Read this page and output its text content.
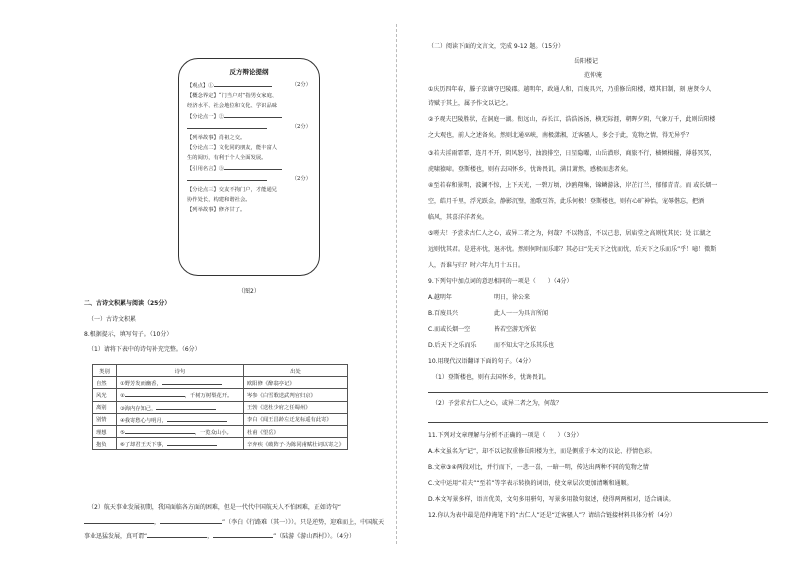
反方辩论提纲
【观点】①	（2分）
【概念界定】“门当户对”指男女家庭、
经济水平、社会地位和文化、学识品味
【分论点一】②
（2分）
【列举故事】肖祖之交。
【分论点二】文化同的朋友，能丰富人
生的阅历，有利于个人全面发展。
【引用名言】③
（2分）
【分论点三】交友不拘门户，才能通兄
协作处长，构建和谐社会。
【列举故事】修齐甘了。
（图2）
二、古诗文积累与阅读（25分）
（一）古诗文积累
8.根据提示，填写句子。（10分）
（1）请将下表中的诗句补充完整。（6分）
类别	诗句	出处
自然	①野芳发而幽香，	欧阳修《醉翁亭记》
风光	② ，千树万树梨花开。	岑参《白雪歌送武判官归京》
离别	③海内存知己，	王勃《送杜少府之任蜀州》
别情	④我寄愁心与明月，	李白《闻王昌龄左迁龙标遥有此寄》
理想	⑤ ，一览众山小。	杜甫《望岳》
抱负	⑥了却君王天下事，	辛弃疾《破阵子·为陈同甫赋壮词以寄之》
（2）航天事业发展初期，我国面临各方面的困难，但是一代代中国航天人不怕困难，正如诗句“
，	”（李白《行路难（其一）》）。只是逆势，迎难而上，中国航天
事业迅猛发展，真可谓“	，	”（陆游《游山西村》）。（4分）
（二）阅读下面的文言文，完成 9-12 题。（15分）
岳阳楼记
范仲淹
①庆历四年春，滕子京谪守巴陵郡。越明年，政通人和，百废具兴，乃重修岳阳楼，增其旧制，刻 唐贤今人
诗赋于其上，属予作文以记之。
②予观夫巴陵胜状，在洞庭一湖。衔远山，吞长江，浩浩汤汤，横无际涯，朝晖夕阴，气象万千，此则岳阳楼
之大观也，前人之述备矣。然则北通巫峡，南极潇湘，迁客骚人，多会于此，览物之情，得无异乎？
③若夫淫雨霏霏，连月不开，阴风怒号，浊浪排空，日星隐曜，山岳潜形，商旅不行，樯倾楫摧，薄暮冥冥，
虎啸猿啼。登斯楼也，则有去国怀乡，忧谗畏讥，满目萧然，感极而悲者矣。
④至若春和景明，波澜不惊，上下天光，一碧万顷，沙鸥翔集，锦鳞游泳，岸芷汀兰，郁郁青青。而 或长烟一
空，皓月千里，浮光跃金，静影沉璧，渔歌互答，此乐何极！登斯楼也，则有心旷神怡，宠辱偕忘，把酒
临风，其喜洋洋者矣。
⑤嗟夫！予尝求古仁人之心，或异二者之为，何哉？不以物喜，不以己悲，居庙堂之高则忧其民；处 江湖之
远则忧其君。是进亦忧，退亦忧。然则何时而乐耶？其必曰“先天下之忧而忧，后天下之乐而乐”乎！噫！微斯
人，吾谁与归？时六年九月十五日。
9.下列句中加点词的意思相同的一项是（　　）（4分）
A.越明年	明日，徐公来
B.百废具兴	此人一一为具言所闻
C.而或长烟一空	皆若空游无所依
D.后天下之乐而乐	而不知太守之乐其乐也
10.用现代汉语翻译下面的句子。（4分）
（1）登斯楼也，则有去国怀乡，忧谗畏讥。
（2）予尝求古仁人之心，或异二者之为，何哉？
11.下列对文章理解与分析不正确的一项是（　　）（3分）
A.本文虽名为“记”，却不以记叙重修岳阳楼为主，而是侧重于本文的议论、抒情色彩。
B.文章③④两段对比，并行而下，一悲一喜，一暗一明，传达出两种不同的览物之情
C.文中运用“若夫”“至若”等字表示转换的词语，使文章层次更加清晰和通顺。
D.本文写景多样，语言优美，文句多用骈句，写景多用散句叙述，使得两两相对，适合诵读。
12.你认为表中最是范仲淹笔下的“古仁人”还是“迁客骚人”？请结合链接材料具体分析（4分）
